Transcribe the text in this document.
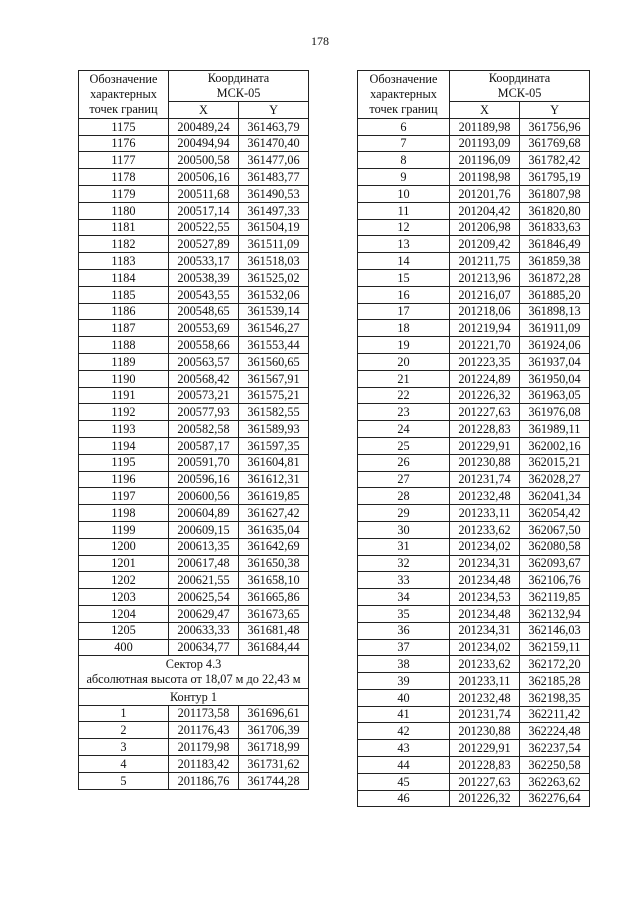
178
Обозначение
характерных
точек границ	Координата
МСК-05	

	X	Y
1175	200489,24	361463,79
1176	200494,94	361470,40
1177	200500,58	361477,06
1178	200506,16	361483,77
1179	200511,68	361490,53
1180	200517,14	361497,33
1181	200522,55	361504,19
1182	200527,89	361511,09
1183	200533,17	361518,03
1184	200538,39	361525,02
1185	200543,55	361532,06
1186	200548,65	361539,14
1187	200553,69	361546,27
1188	200558,66	361553,44
1189	200563,57	361560,65
1190	200568,42	361567,91
1191	200573,21	361575,21
1192	200577,93	361582,55
1193	200582,58	361589,93
1194	200587,17	361597,35
1195	200591,70	361604,81
1196	200596,16	361612,31
1197	200600,56	361619,85
1198	200604,89	361627,42
1199	200609,15	361635,04
1200	200613,35	361642,69
1201	200617,48	361650,38
1202	200621,55	361658,10
1203	200625,54	361665,86
1204	200629,47	361673,65
1205	200633,33	361681,48
400	200634,77	361684,44

Сектор 4.3
абсолютная высота от 18,07 м до 22,43 м		

Контур 1		
1	201173,58	361696,61
2	201176,43	361706,39
3	201179,98	361718,99
4	201183,42	361731,62
5	201186,76	361744,28
Обозначение
характерных
точек границ	Координата
МСК-05	

	X	Y
6	201189,98	361756,96
7	201193,09	361769,68
8	201196,09	361782,42
9	201198,98	361795,19
10	201201,76	361807,98
11	201204,42	361820,80
12	201206,98	361833,63
13	201209,42	361846,49
14	201211,75	361859,38
15	201213,96	361872,28
16	201216,07	361885,20
17	201218,06	361898,13
18	201219,94	361911,09
19	201221,70	361924,06
20	201223,35	361937,04
21	201224,89	361950,04
22	201226,32	361963,05
23	201227,63	361976,08
24	201228,83	361989,11
25	201229,91	362002,16
26	201230,88	362015,21
27	201231,74	362028,27
28	201232,48	362041,34
29	201233,11	362054,42
30	201233,62	362067,50
31	201234,02	362080,58
32	201234,31	362093,67
33	201234,48	362106,76
34	201234,53	362119,85
35	201234,48	362132,94
36	201234,31	362146,03
37	201234,02	362159,11
38	201233,62	362172,20
39	201233,11	362185,28
40	201232,48	362198,35
41	201231,74	362211,42
42	201230,88	362224,48
43	201229,91	362237,54
44	201228,83	362250,58
45	201227,63	362263,62
46	201226,32	362276,64
